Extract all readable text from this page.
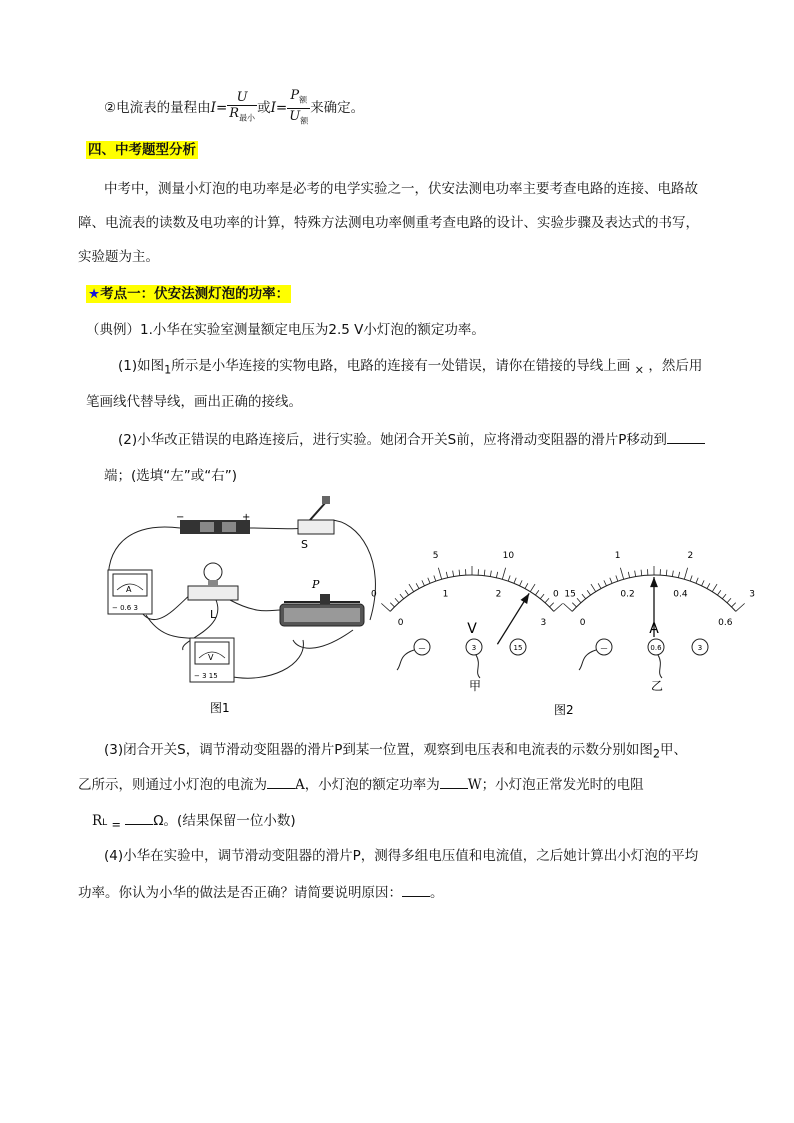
②电流表的量程由$I= \frac{U}{R_{最小}}$ 或$I= \frac{P_额}{U_额}$ 来确定。
四、中考题型分析
中考中，测量小灯泡的电功率是必考的电学实验之一，伏安法测电功率主要考查电路的连接、电路故
障、电流表的读数及电功率的计算，特殊方法测电功率侧重考查电路的设计、实验步骤及表达式的书写，
实验题为主。
★考点一：伏安法测灯泡的功率：
（典例）1.小华在实验室测量额定电压为2.5 V小灯泡的额定功率。
(1)如图$_1$所示是小华连接的实物电路，电路的连接有一处错误，请你在错接的导线上画 $_\times$ ，然后用
笔画线代替导线，画出正确的接线。
(2)小华改正错误的电路连接后，进行实验。她闭合开关S前，应将滑动变阻器的滑片P移动到
端；(选填“左”或“右”)
−	+
S
A
− 0.6 3	L
P
V
− 3 15
图1
0
5	10
15
0
1	2
3
V
—	3	15
甲
0
1	2
3
0
0.2	0.4
0.6
A
—	0.6	3
乙
图2
(3)闭合开关S，调节滑动变阻器的滑片P到某一位置，观察到电压表和电流表的示数分别如图$_2$甲、
乙所示，则通过小灯泡的电流为 A，小灯泡的额定功率为 W；小灯泡正常发光时的电阻
RL $_=$ Ω。(结果保留一位小数)
(4)小华在实验中，调节滑动变阻器的滑片P，测得多组电压值和电流值，之后她计算出小灯泡的平均
功率。你认为小华的做法是否正确？请简要说明原因： 。
